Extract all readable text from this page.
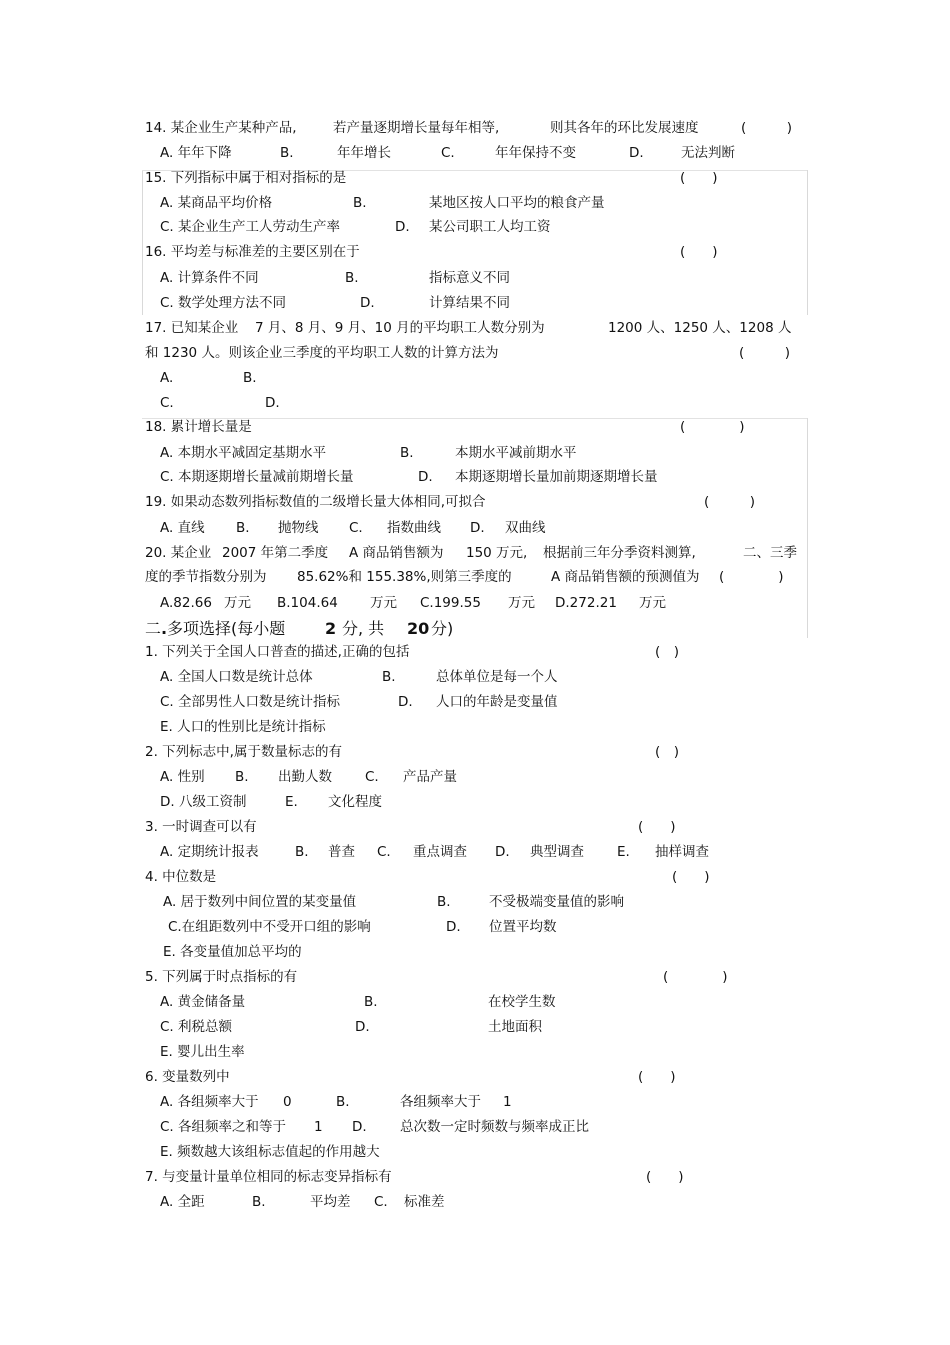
14. 某企业生产某种产品,	若产量逐期增长量每年相等,	则其各年的环比发展速度	(　　　)
A. 年年下降	B.	年年增长	C.	年年保持不变	D.	无法判断
15. 下列指标中属于相对指标的是	(　　)
A. 某商品平均价格	B.	某地区按人口平均的粮食产量
C. 某企业生产工人劳动生产率	D. 某公司职工人均工资
16. 平均差与标准差的主要区别在于	(　　)
A. 计算条件不同	B.	指标意义不同
C. 数学处理方法不同	D.	计算结果不同
17. 已知某企业 7 月、8 月、9 月、10 月的平均职工人数分别为	1200 人、1250 人、1208 人
和 1230 人。则该企业三季度的平均职工人数的计算方法为	(　　　)
A.	B.
C.	D.
18. 累计增长量是	(　　　　)
A. 本期水平减固定基期水平	B.	本期水平减前期水平
C. 本期逐期增长量减前期增长量	D. 本期逐期增长量加前期逐期增长量
19. 如果动态数列指标数值的二级增长量大体相同,可拟合	(　　　)
A. 直线 B. 抛物线 C. 指数曲线 D. 双曲线
20. 某企业 2007 年第二季度 A 商品销售额为 150 万元, 根据前三年分季资料测算,	二、三季
度的季节指数分别为 85.62%和 155.38%,则第三季度的	A 商品销售额的预测值为 (　　　　)
A.82.66 万元 B.104.64 万元 C.199.55 万元 D.272.21 万元
二 . 多项选择(每小题 2 分, 共 20 分)
1. 下列关于全国人口普查的描述,正确的包括	(　)
A. 全国人口数是统计总体	B.	总体单位是每一个人
C. 全部男性人口数是统计指标	D. 人口的年龄是变量值
E. 人口的性别比是统计指标
2. 下列标志中,属于数量标志的有	(　)
A. 性别 B. 出勤人数 C. 产品产量
D. 八级工资制	E. 文化程度
3. 一时调查可以有	(　　)
A. 定期统计报表	B. 普查 C. 重点调查 D. 典型调查 E. 抽样调查
4. 中位数是	(　　)
A. 居于数列中间位置的某变量值	B.	不受极端变量值的影响
C.在组距数列中不受开口组的影响	D. 位置平均数
E. 各变量值加总平均的
5. 下列属于时点指标的有	(　　　　)
A. 黄金储备量	B.	在校学生数
C. 利税总额	D.	土地面积
E. 婴儿出生率
6. 变量数列中	(　　)
A. 各组频率大于 0	B.	各组频率大于 1
C. 各组频率之和等于 1 D. 总次数一定时频数与频率成正比
E. 频数越大该组标志值起的作用越大
7. 与变量计量单位相同的标志变异指标有	(　　)
A. 全距	B.	平均差 C. 标准差
